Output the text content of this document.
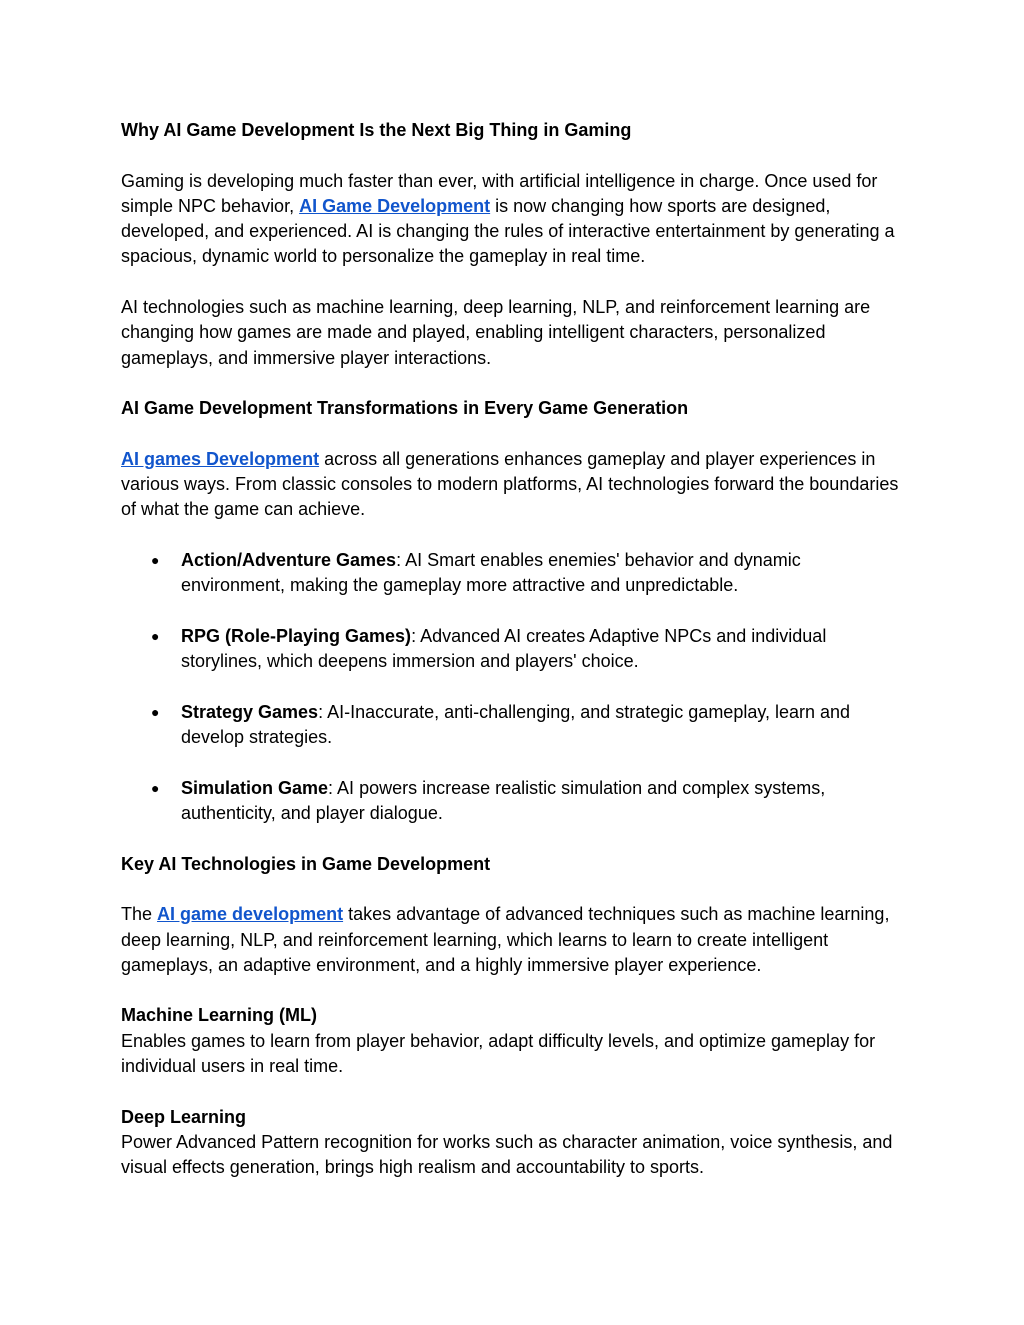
Why AI Game Development Is the Next Big Thing in Gaming

Gaming is developing much faster than ever, with artificial intelligence in charge. Once used for simple NPC behavior, AI Game Development is now changing how sports are designed, developed, and experienced. AI is changing the rules of interactive entertainment by generating a spacious, dynamic world to personalize the gameplay in real time.

AI technologies such as machine learning, deep learning, NLP, and reinforcement learning are changing how games are made and played, enabling intelligent characters, personalized gameplays, and immersive player interactions.

AI Game Development Transformations in Every Game Generation

AI games Development across all generations enhances gameplay and player experiences in various ways. From classic consoles to modern platforms, AI technologies forward the boundaries of what the game can achieve.

● Action/Adventure Games: AI Smart enables enemies' behavior and dynamic environment, making the gameplay more attractive and unpredictable.
● RPG (Role-Playing Games): Advanced AI creates Adaptive NPCs and individual storylines, which deepens immersion and players' choice.
● Strategy Games: AI-Inaccurate, anti-challenging, and strategic gameplay, learn and develop strategies.
● Simulation Game: AI powers increase realistic simulation and complex systems, authenticity, and player dialogue.

Key AI Technologies in Game Development

The AI game development takes advantage of advanced techniques such as machine learning, deep learning, NLP, and reinforcement learning, which learns to learn to create intelligent gameplays, an adaptive environment, and a highly immersive player experience.

Machine Learning (ML)

Enables games to learn from player behavior, adapt difficulty levels, and optimize gameplay for individual users in real time.

Deep Learning

Power Advanced Pattern recognition for works such as character animation, voice synthesis, and visual effects generation, brings high realism and accountability to sports.
